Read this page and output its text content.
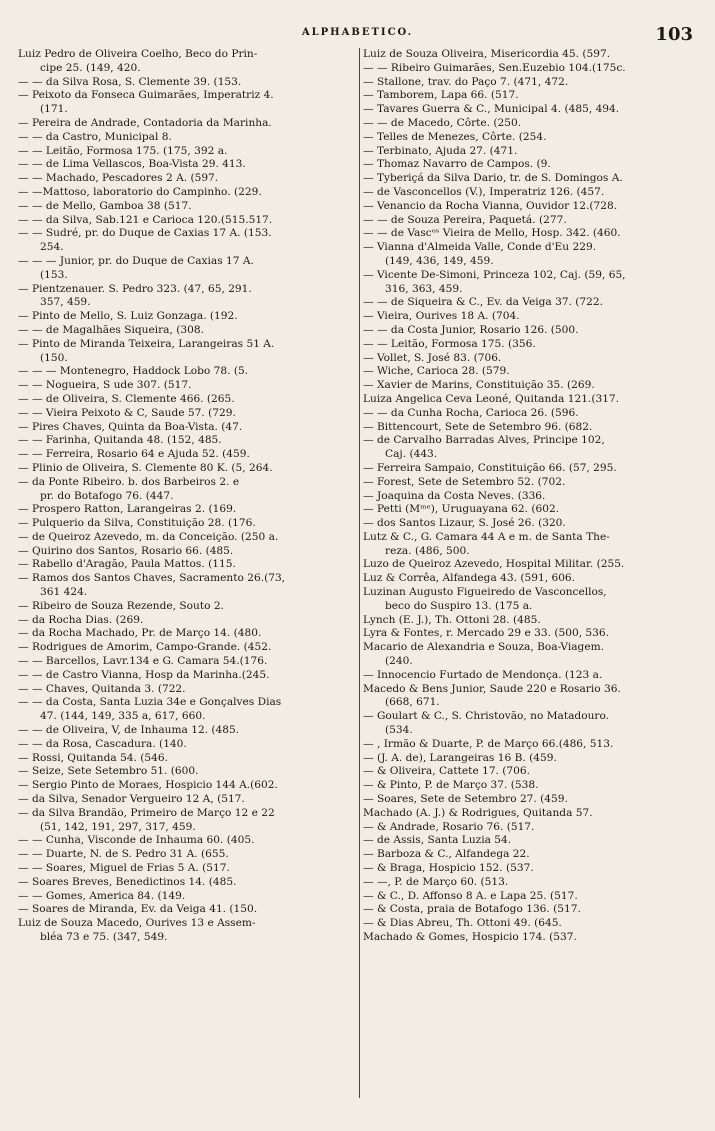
ALPHABETICO.	103
Luiz Pedro de Oliveira Coelho, Beco do Prin-
cipe 25. (149, 420.
— — da Silva Rosa, S. Clemente 39. (153.
— Peixoto da Fonseca Guimarães, Imperatriz 4.
(171.
— Pereira de Andrade, Contadoria da Marinha.
— — da Castro, Municipal 8.
— — Leitão, Formosa 175. (175, 392 a.
— — de Lima Vellascos, Boa-Vista 29. 413.
— — Machado, Pescadores 2 A. (597.
— —Mattoso, laboratorio do Campinho. (229.
— — de Mello, Gamboa 38 (517.
— — da Silva, Sab.121 e Carioca 120.(515.517.
— — Sudré, pr. do Duque de Caxias 17 A. (153.
254.
— — — Junior, pr. do Duque de Caxias 17 A.
(153.
— Pientzenauer. S. Pedro 323. (47, 65, 291.
357, 459.
— Pinto de Mello, S. Luiz Gonzaga. (192.
— — de Magalhães Siqueira, (308.
— Pinto de Miranda Teixeira, Larangeiras 51 A.
(150.
— — — Montenegro, Haddock Lobo 78. (5.
— — Nogueira, S ude 307. (517.
— — de Oliveira, S. Clemente 466. (265.
— — Vieira Peixoto & C, Saude 57. (729.
— Pires Chaves, Quinta da Boa-Vista. (47.
— — Farinha, Quitanda 48. (152, 485.
— — Ferreira, Rosario 64 e Ajuda 52. (459.
— Plinio de Oliveira, S. Clemente 80 K. (5, 264.
— da Ponte Ribeiro. b. dos Barbeiros 2. e
pr. do Botafogo 76. (447.
— Prospero Ratton, Larangeiras 2. (169.
— Pulquerio da Silva, Constituição 28. (176.
— de Queiroz Azevedo, m. da Conceição. (250 a.
— Quirino dos Santos, Rosario 66. (485.
— Rabello d'Aragão, Paula Mattos. (115.
— Ramos dos Santos Chaves, Sacramento 26.(73,
361 424.
— Ribeiro de Souza Rezende, Souto 2.
— da Rocha Dias. (269.
— da Rocha Machado, Pr. de Março 14. (480.
— Rodrigues de Amorim, Campo-Grande. (452.
— — Barcellos, Lavr.134 e G. Camara 54.(176.
— — de Castro Vianna, Hosp da Marinha.(245.
— — Chaves, Quitanda 3. (722.
— — da Costa, Santa Luzia 34e e Gonçalves Dias
47. (144, 149, 335 a, 617, 660.
— — de Oliveira, V, de Inhauma 12. (485.
— — da Rosa, Cascadura. (140.
— Rossi, Quitanda 54. (546.
— Seize, Sete Setembro 51. (600.
— Sergio Pinto de Moraes, Hospicio 144 A.(602.
— da Silva, Senador Vergueiro 12 A, (517.
— da Silva Brandão, Primeiro de Março 12 e 22
(51, 142, 191, 297, 317, 459.
— — Cunha, Visconde de Inhauma 60. (405.
— — Duarte, N. de S. Pedro 31 A. (655.
— — Soares, Miguel de Frias 5 A. (517.
— Soares Breves, Benedictinos 14. (485.
— — Gomes, America 84. (149.
— Soares de Miranda, Ev. da Veiga 41. (150.
Luiz de Souza Macedo, Ourives 13 e Assem-
bléa 73 e 75. (347, 549.
Luiz de Souza Oliveira, Misericordia 45. (597.
— — Ribeiro Guimarães, Sen.Euzebio 104.(175c.
— Stallone, trav. do Paço 7. (471, 472.
— Tamborem, Lapa 66. (517.
— Tavares Guerra & C., Municipal 4. (485, 494.
— — de Macedo, Côrte. (250.
— Telles de Menezes, Côrte. (254.
— Terbinato, Ajuda 27. (471.
— Thomaz Navarro de Campos. (9.
— Tyberiçá da Silva Dario, tr. de S. Domingos A.
— de Vasconcellos (V.), Imperatriz 126. (457.
— Venancio da Rocha Vianna, Ouvidor 12.(728.
— — de Souza Pereira, Paquetá. (277.
— — de Vascᵒˢ Vieira de Mello, Hosp. 342. (460.
— Vianna d'Almeida Valle, Conde d'Eu 229.
(149, 436, 149, 459.
— Vicente De-Simoni, Princeza 102, Caj. (59, 65,
316, 363, 459.
— — de Siqueira & C., Ev. da Veiga 37. (722.
— Vieira, Ourives 18 A. (704.
— — da Costa Junior, Rosario 126. (500.
— — Leitão, Formosa 175. (356.
— Vollet, S. José 83. (706.
— Wiche, Carioca 28. (579.
— Xavier de Marins, Constituição 35. (269.
Luiza Angelica Ceva Leoné, Quitanda 121.(317.
— — da Cunha Rocha, Carioca 26. (596.
— Bittencourt, Sete de Setembro 96. (682.
— de Carvalho Barradas Alves, Principe 102,
Caj. (443.
— Ferreira Sampaio, Constituição 66. (57, 295.
— Forest, Sete de Setembro 52. (702.
— Joaquina da Costa Neves. (336.
— Petti (Mᵐᵉ), Uruguayana 62. (602.
— dos Santos Lizaur, S. José 26. (320.
Lutz & C., G. Camara 44 A e m. de Santa The-
reza. (486, 500.
Luzo de Queiroz Azevedo, Hospital Militar. (255.
Luz & Corrêa, Alfandega 43. (591, 606.
Luzinan Augusto Figueiredo de Vasconcellos,
beco do Suspiro 13. (175 a.
Lynch (E. J.), Th. Ottoni 28. (485.
Lyra & Fontes, r. Mercado 29 e 33. (500, 536.
Macario de Alexandria e Souza, Boa-Viagem.
(240.
— Innocencio Furtado de Mendonça. (123 a.
Macedo & Bens Junior, Saude 220 e Rosario 36.
(668, 671.
— Goulart & C., S. Christovão, no Matadouro.
(534.
— , Irmão & Duarte, P. de Março 66.(486, 513.
— (J. A. de), Larangeiras 16 B. (459.
— & Oliveira, Cattete 17. (706.
— & Pinto, P. de Março 37. (538.
— Soares, Sete de Setembro 27. (459.
Machado (A. J.) & Rodrigues, Quitanda 57.
— & Andrade, Rosario 76. (517.
— de Assis, Santa Luzia 54.
— Barboza & C., Alfandega 22.
— & Braga, Hospicio 152. (537.
— —, P. de Março 60. (513.
— & C., D. Affonso 8 A. e Lapa 25. (517.
— & Costa, praia de Botafogo 136. (517.
— & Dias Abreu, Th. Ottoni 49. (645.
Machado & Gomes, Hospicio 174. (537.
